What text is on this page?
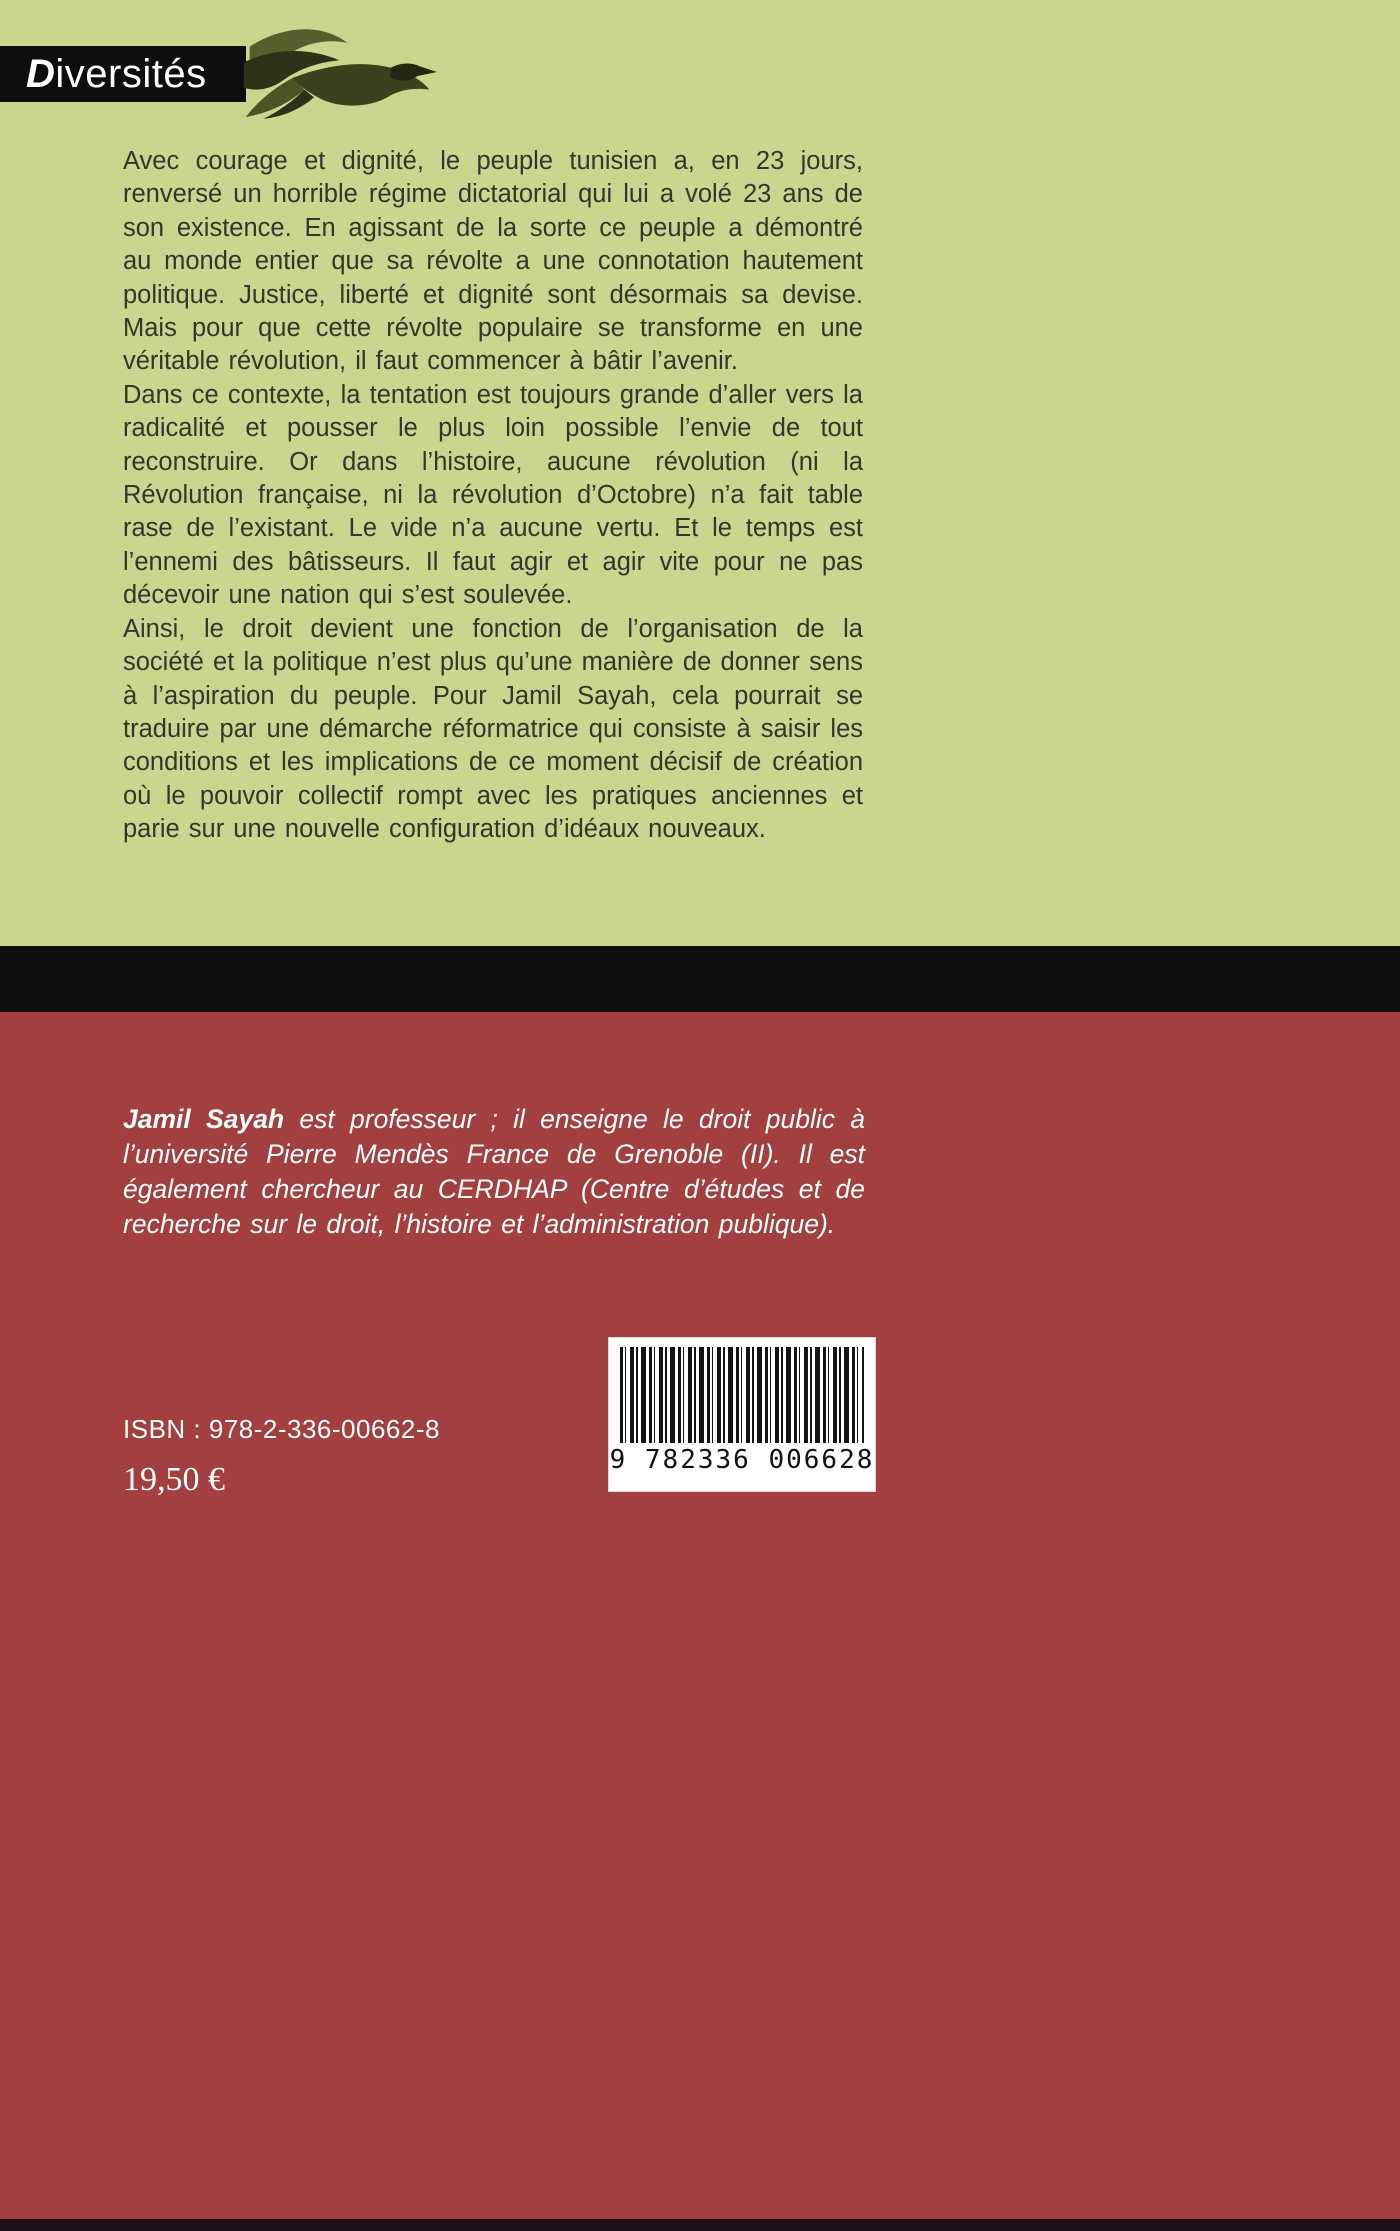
Diversités

Avec courage et dignité, le peuple tunisien a, en 23 jours, renversé un horrible régime dictatorial qui lui a volé 23 ans de son existence. En agissant de la sorte ce peuple a démontré au monde entier que sa révolte a une connotation hautement politique. Justice, liberté et dignité sont désormais sa devise. Mais pour que cette révolte populaire se transforme en une véritable révolution, il faut commencer à bâtir l’avenir.

Dans ce contexte, la tentation est toujours grande d’aller vers la radicalité et pousser le plus loin possible l’envie de tout reconstruire. Or dans l’histoire, aucune révolution (ni la Révolution française, ni la révolution d’Octobre) n’a fait table rase de l’existant. Le vide n’a aucune vertu. Et le temps est l’ennemi des bâtisseurs. Il faut agir et agir vite pour ne pas décevoir une nation qui s’est soulevée.

Ainsi, le droit devient une fonction de l’organisation de la société et la politique n’est plus qu’une manière de donner sens à l’aspiration du peuple. Pour Jamil Sayah, cela pourrait se traduire par une démarche réformatrice qui consiste à saisir les conditions et les implications de ce moment décisif de création où le pouvoir collectif rompt avec les pratiques anciennes et parie sur une nouvelle configuration d’idéaux nouveaux.

Jamil Sayah est professeur ; il enseigne le droit public à l’université Pierre Mendès France de Grenoble (II). Il est également chercheur au CERDHAP (Centre d’études et de recherche sur le droit, l’histoire et l’administration publique).

ISBN : 978-2-336-00662-8
19,50 €
9 782336 006628
